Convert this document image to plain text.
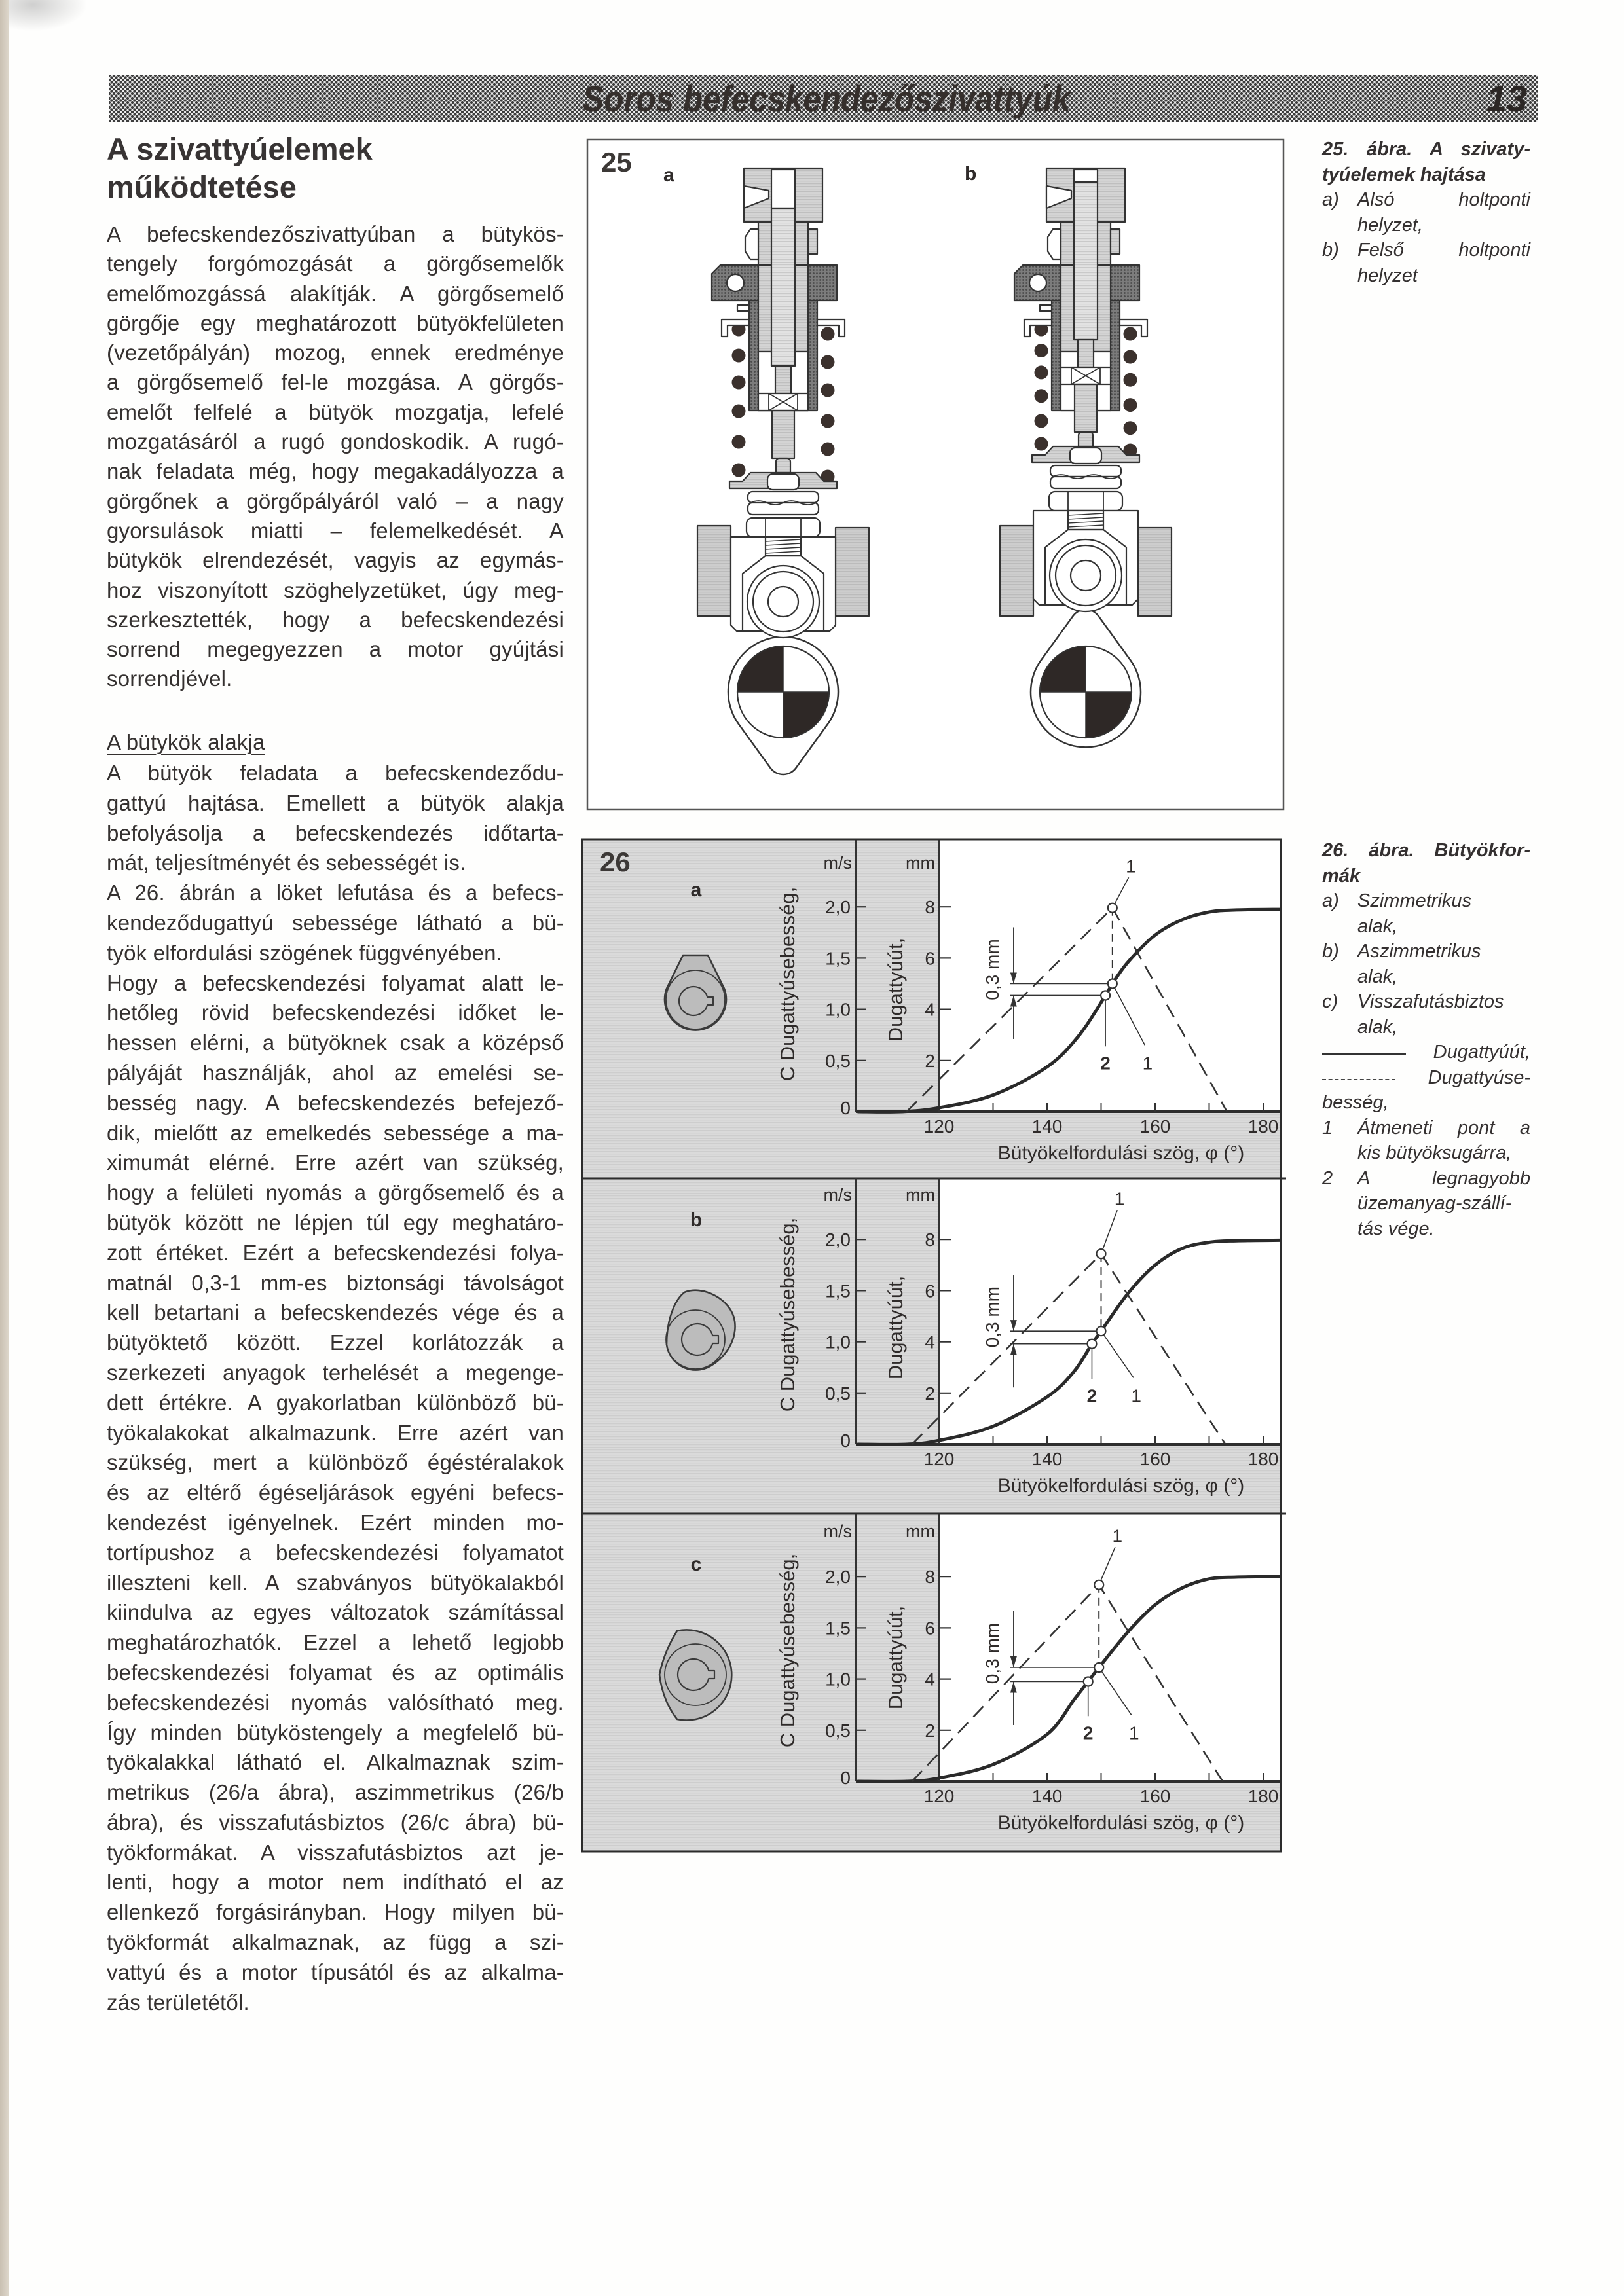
Soros befecskendezőszivattyúk	13
A szivattyúelemek
működtetése
A befecskendezőszivattyúban a bütykös-
tengely forgómozgását a görgősemelők
emelőmozgássá alakítják. A görgősemelő
görgője egy meghatározott bütyökfelületen
(vezetőpályán) mozog, ennek eredménye
a görgősemelő fel-le mozgása. A görgős-
emelőt felfelé a bütyök mozgatja, lefelé
mozgatásáról a rugó gondoskodik. A rugó-
nak feladata még, hogy megakadályozza a
görgőnek a görgőpályáról való – a nagy
gyorsulások miatti – felemelkedését. A
bütykök elrendezését, vagyis az egymás-
hoz viszonyított szöghelyzetüket, úgy meg-
szerkesztették, hogy a befecskendezési
sorrend megegyezzen a motor gyújtási
sorrendjével.
A bütykök alakja
A bütyök feladata a befecskendeződu-
gattyú hajtása. Emellett a bütyök alakja
befolyásolja a befecskendezés időtarta-
mát, teljesítményét és sebességét is.
A 26. ábrán a löket lefutása és a befecs-
kendeződugattyú sebessége látható a bü-
työk elfordulási szögének függvényében.
Hogy a befecskendezési folyamat alatt le-
hetőleg rövid befecskendezési időket le-
hessen elérni, a bütyöknek csak a középső
pályáját használják, ahol az emelési se-
besség nagy. A befecskendezés befejező-
dik, mielőtt az emelkedés sebessége a ma-
ximumát elérné. Erre azért van szükség,
hogy a felületi nyomás a görgősemelő és a
bütyök között ne lépjen túl egy meghatáro-
zott értéket. Ezért a befecskendezési folya-
matnál 0,3-1 mm-es biztonsági távolságot
kell betartani a befecskendezés vége és a
bütyöktető között. Ezzel korlátozzák a
szerkezeti anyagok terhelését a megenge-
dett értékre. A gyakorlatban különböző bü-
työkalakokat alkalmazunk. Erre azért van
szükség, mert a különböző égéstéralakok
és az eltérő égéseljárások egyéni befecs-
kendezést igényelnek. Ezért minden mo-
tortípushoz a befecskendezési folyamatot
illeszteni kell. A szabványos bütyökalakból
kiindulva az egyes változatok számítással
meghatározhatók. Ezzel a lehető legjobb
befecskendezési folyamat és az optimális
befecskendezési nyomás valósítható meg.
Így minden bütyköstengely a megfelelő bü-
työkalakkal látható el. Alkalmaznak szim-
metrikus (26/a ábra), aszimmetrikus (26/b
ábra), és visszafutásbiztos (26/c ábra) bü-
työkformákat. A visszafutásbiztos azt je-
lenti, hogy a motor nem indítható el az
ellenkező forgásirányban. Hogy milyen bü-
työkformát alkalmaznak, az függ a szi-
vattyú és a motor típusától és az alkalma-
zás területétől.
25 a	b
25. ábra. A szivaty-
tyúelemek hajtása
a) Alsó holtponti
helyzet,
b) Felső holtponti
helyzet
a
m/s	mm
C Dugattyúsebesség,	Dugattyúút,
2,0
1,5
1,0
0,5
0
8
6
4
2
120	140	160	180
Bütyökelfordulási szög, φ (°)
1
2 1
0,3 mm
b
m/s	mm
C Dugattyúsebesség,	Dugattyúút,
2,0
1,5
1,0
0,5
0
8
6
4
2
120	140	160	180
Bütyökelfordulási szög, φ (°)
1
2 1
0,3 mm
c
m/s	mm
C Dugattyúsebesség,	Dugattyúút,
2,0
1,5
1,0
0,5
0
8
6
4
2
120	140	160	180
Bütyökelfordulási szög, φ (°)
1
2 1
0,3 mm
26	26. ábra. Bütyökfor-
mák
a) Szimmetrikus
alak,
b) Aszimmetrikus
alak,
c)	Visszafutásbiztos
alak,
Dugattyúút,
Dugattyúse-
besség,
1	Átmeneti pont a
kis bütyöksugárra,
2	A legnagyobb
üzemanyag-szállí-
tás vége.
